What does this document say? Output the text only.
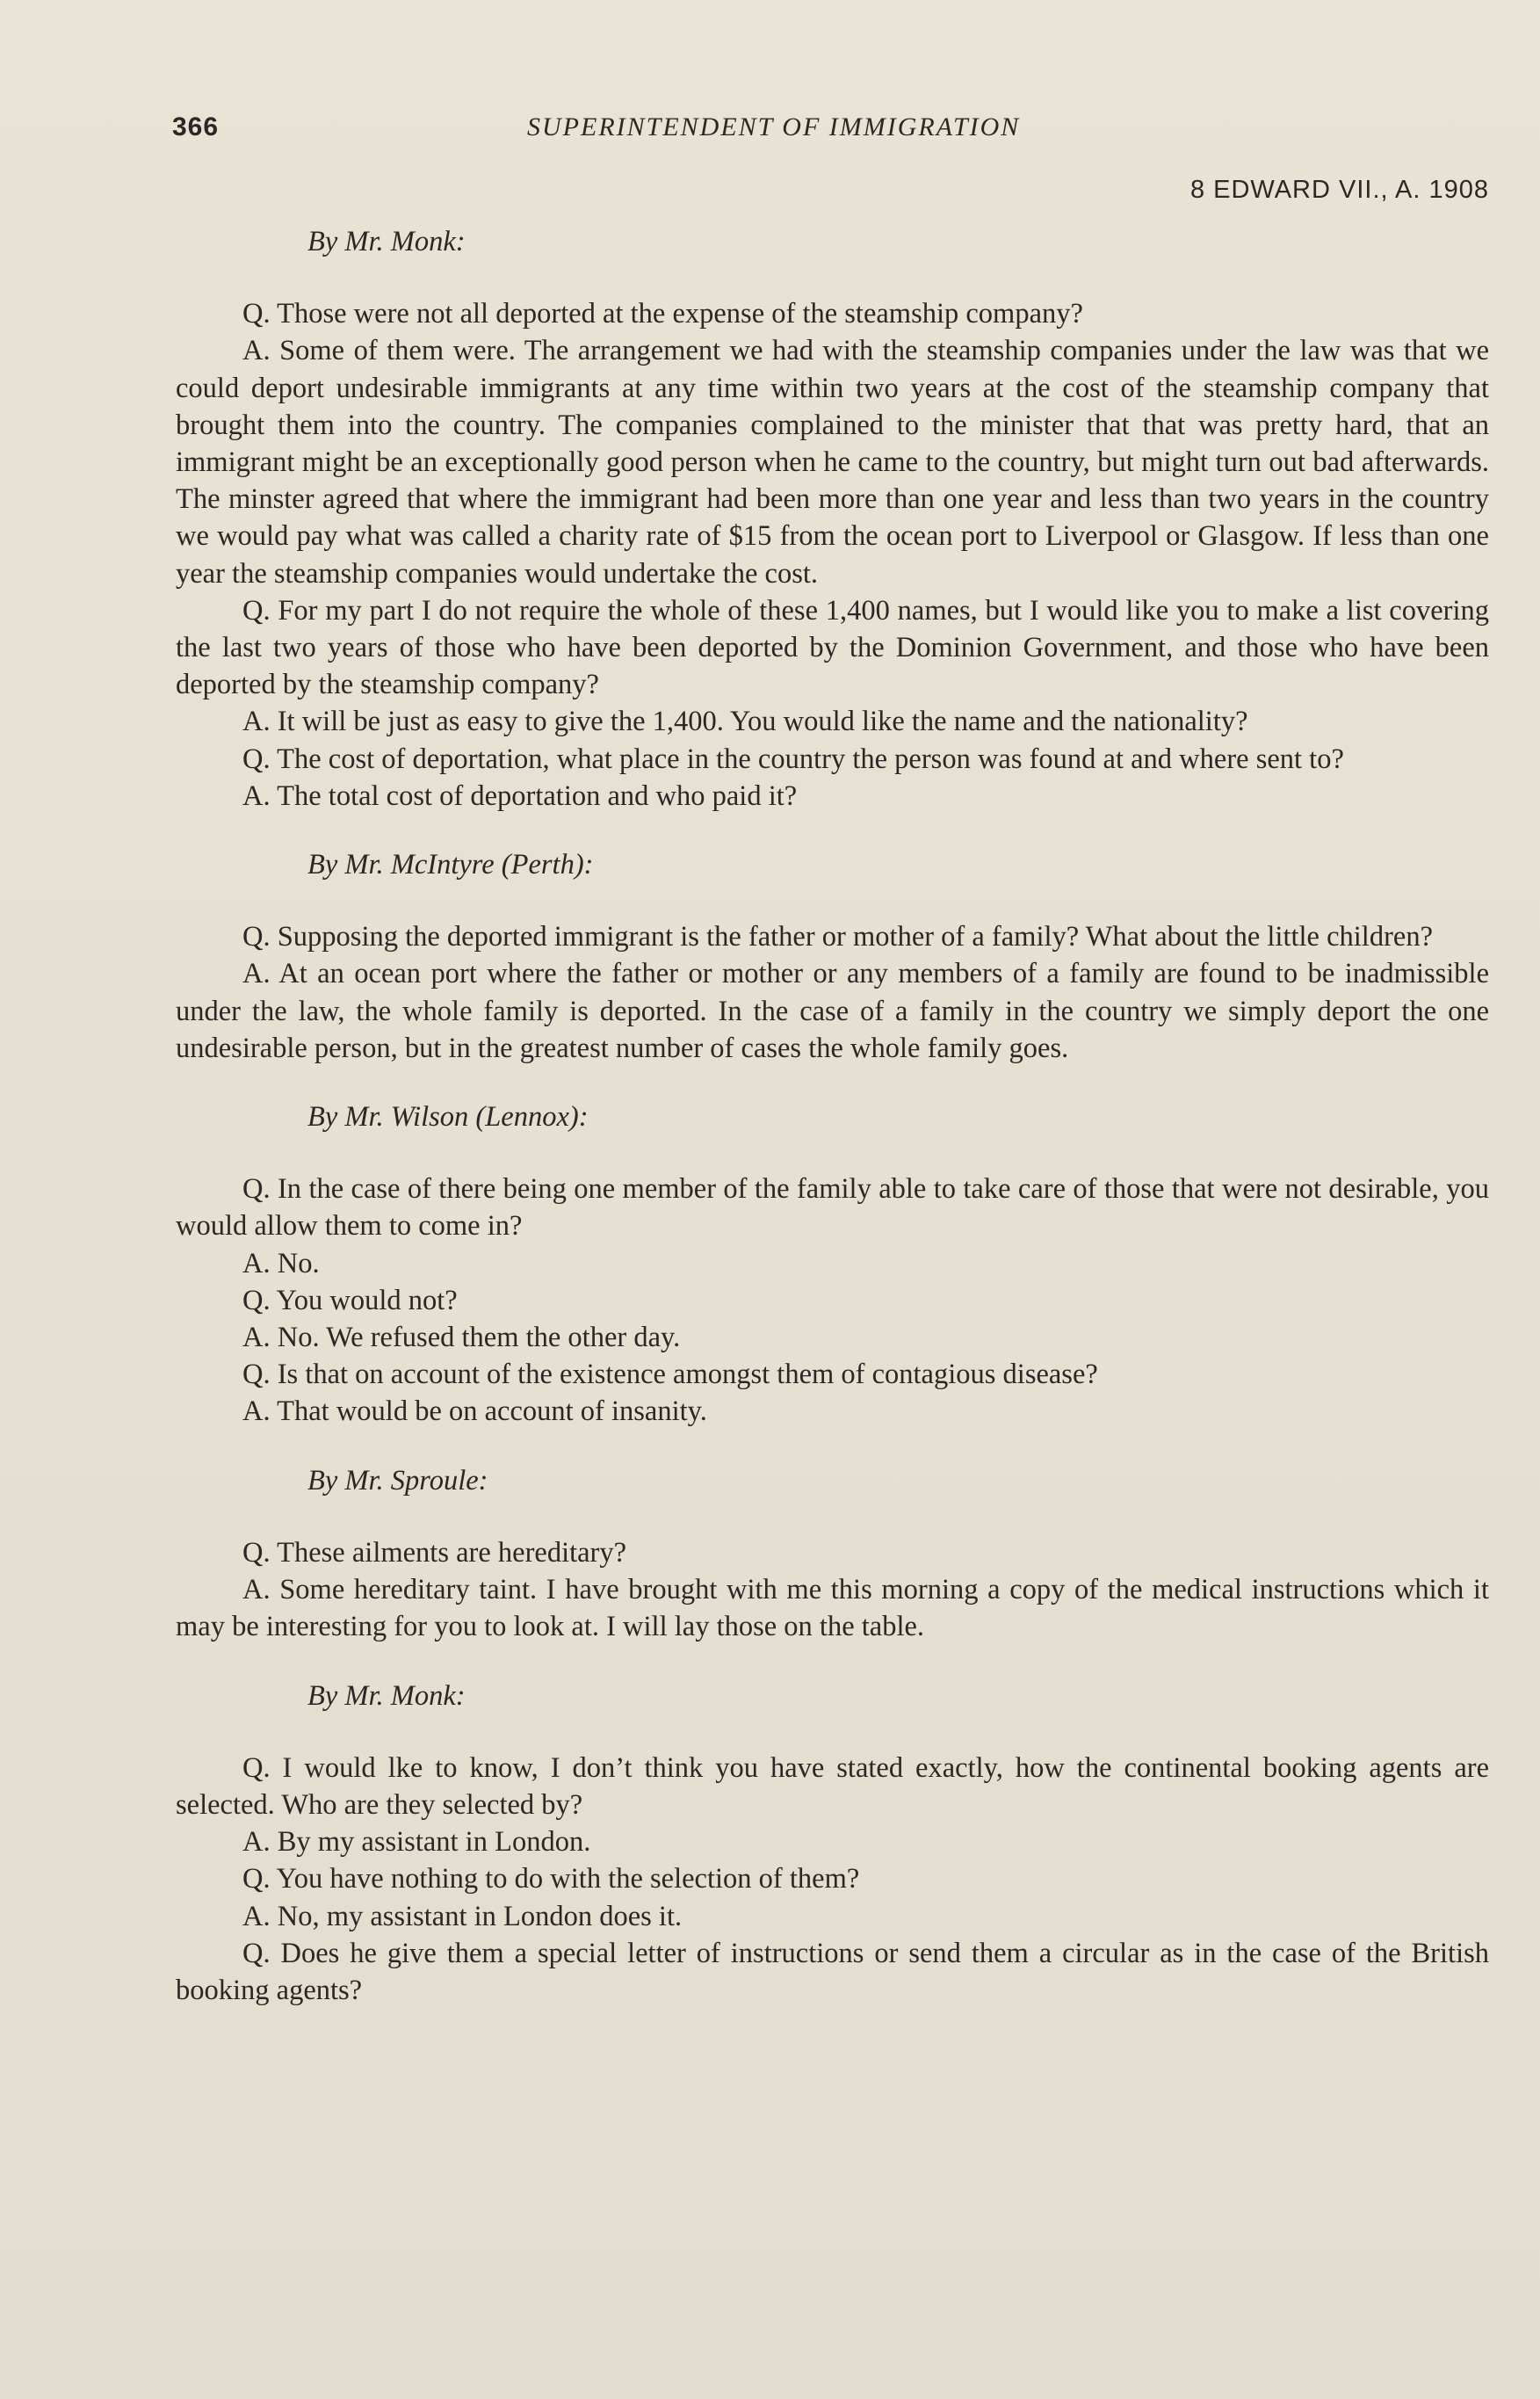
366	SUPERINTENDENT OF IMMIGRATION
8 EDWARD VII., A. 1908

By Mr. Monk:

Q. Those were not all deported at the expense of the steamship company?

A. Some of them were. The arrangement we had with the steamship companies under the law was that we could deport undesirable immigrants at any time within two years at the cost of the steamship company that brought them into the country. The companies complained to the minister that that was pretty hard, that an immigrant might be an exceptionally good person when he came to the country, but might turn out bad afterwards. The minster agreed that where the immigrant had been more than one year and less than two years in the country we would pay what was called a charity rate of $15 from the ocean port to Liverpool or Glasgow. If less than one year the steamship companies would undertake the cost.

Q. For my part I do not require the whole of these 1,400 names, but I would like you to make a list covering the last two years of those who have been deported by the Dominion Government, and those who have been deported by the steamship company?

A. It will be just as easy to give the 1,400. You would like the name and the nationality?

Q. The cost of deportation, what place in the country the person was found at and where sent to?

A. The total cost of deportation and who paid it?

By Mr. McIntyre (Perth):

Q. Supposing the deported immigrant is the father or mother of a family? What about the little children?

A. At an ocean port where the father or mother or any members of a family are found to be inadmissible under the law, the whole family is deported. In the case of a family in the country we simply deport the one undesirable person, but in the greatest number of cases the whole family goes.

By Mr. Wilson (Lennox):

Q. In the case of there being one member of the family able to take care of those that were not desirable, you would allow them to come in?

A. No.

Q. You would not?

A. No. We refused them the other day.

Q. Is that on account of the existence amongst them of contagious disease?

A. That would be on account of insanity.

By Mr. Sproule:

Q. These ailments are hereditary?

A. Some hereditary taint. I have brought with me this morning a copy of the medical instructions which it may be interesting for you to look at. I will lay those on the table.

By Mr. Monk:

Q. I would lke to know, I don’t think you have stated exactly, how the continental booking agents are selected. Who are they selected by?

A. By my assistant in London.

Q. You have nothing to do with the selection of them?

A. No, my assistant in London does it.

Q. Does he give them a special letter of instructions or send them a circular as in the case of the British booking agents?
